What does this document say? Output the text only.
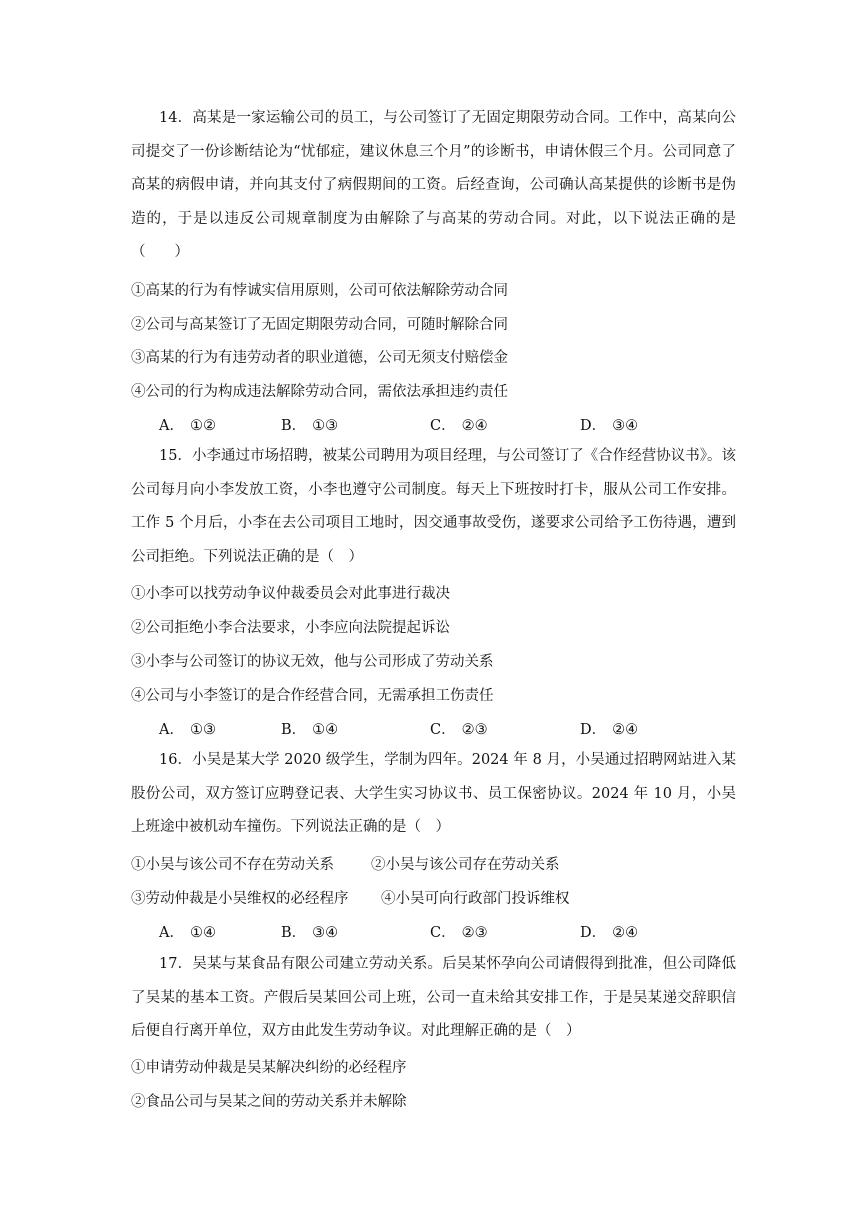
14．高某是一家运输公司的员工，与公司签订了无固定期限劳动合同。工作中，高某向公司提交了一份诊断结论为“忧郁症，建议休息三个月”的诊断书，申请休假三个月。公司同意了高某的病假申请，并向其支付了病假期间的工资。后经查询，公司确认高某提供的诊断书是伪造的，于是以违反公司规章制度为由解除了与高某的劳动合同。对此，以下说法正确的是（　　）
①高某的行为有悖诚实信用原则，公司可依法解除劳动合同
②公司与高某签订了无固定期限劳动合同，可随时解除合同
③高某的行为有违劳动者的职业道德，公司无须支付赔偿金
④公司的行为构成违法解除劳动合同，需依法承担违约责任
A． ①②	B． ①③	C． ②④	D． ③④
15．小李通过市场招聘，被某公司聘用为项目经理，与公司签订了《合作经营协议书》。该公司每月向小李发放工资，小李也遵守公司制度。每天上下班按时打卡，服从公司工作安排。工作 5 个月后，小李在去公司项目工地时，因交通事故受伤，遂要求公司给予工伤待遇，遭到公司拒绝。下列说法正确的是（　）
①小李可以找劳动争议仲裁委员会对此事进行裁决
②公司拒绝小李合法要求，小李应向法院提起诉讼
③小李与公司签订的协议无效，他与公司形成了劳动关系
④公司与小李签订的是合作经营合同，无需承担工伤责任
A． ①③	B． ①④	C． ②③	D． ②④
16．小吴是某大学 2020 级学生，学制为四年。2024 年 8 月，小吴通过招聘网站进入某股份公司，双方签订应聘登记表、大学生实习协议书、员工保密协议。2024 年 10 月，小吴上班途中被机动车撞伤。下列说法正确的是（　）
①小吴与该公司不存在劳动关系	②小吴与该公司存在劳动关系
③劳动仲裁是小吴维权的必经程序 ④小吴可向行政部门投诉维权
A． ①④	B． ③④	C． ②③	D． ②④
17．吴某与某食品有限公司建立劳动关系。后吴某怀孕向公司请假得到批准，但公司降低了吴某的基本工资。产假后吴某回公司上班，公司一直未给其安排工作，于是吴某递交辞职信后便自行离开单位，双方由此发生劳动争议。对此理解正确的是（　）
①申请劳动仲裁是吴某解决纠纷的必经程序
②食品公司与吴某之间的劳动关系并未解除
